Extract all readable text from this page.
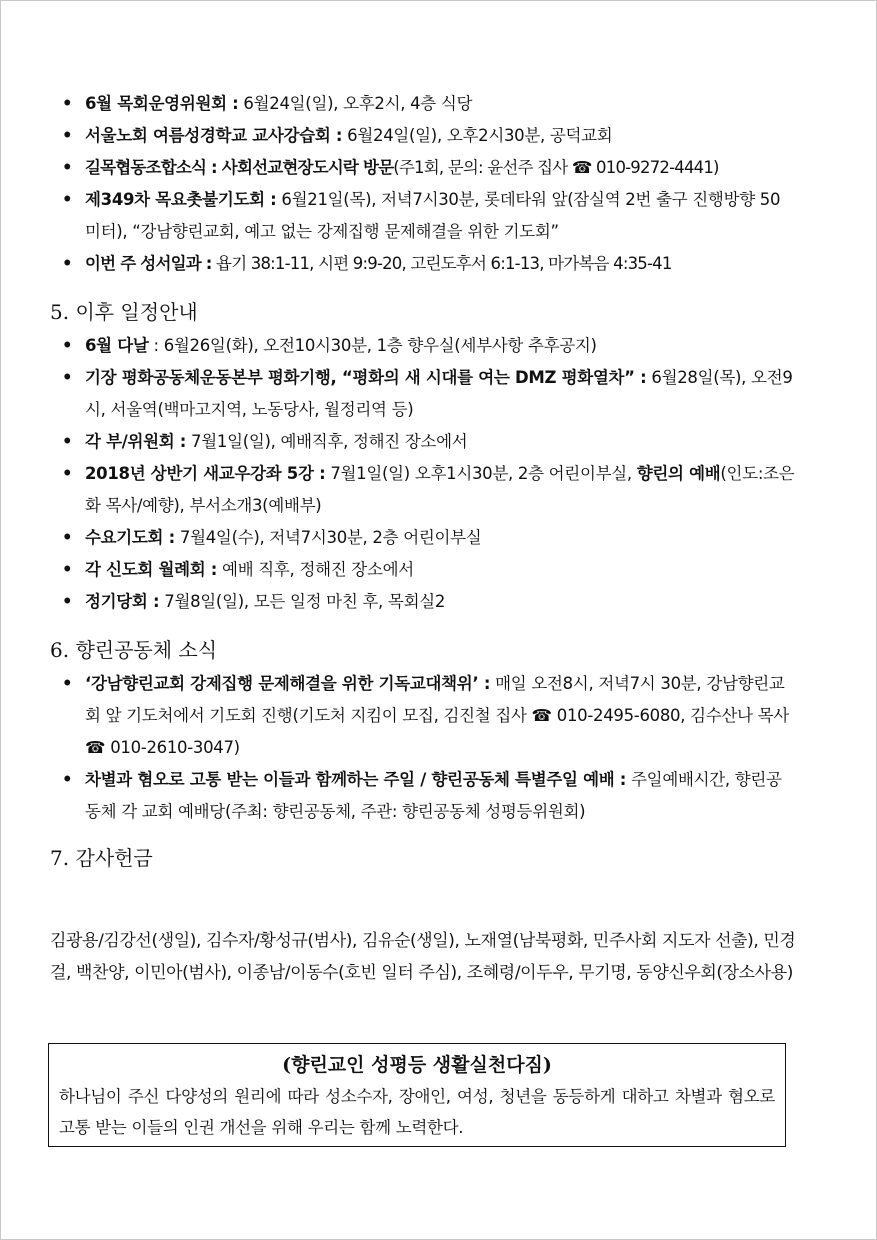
• 6월 목회운영위원회 : 6월24일(일), 오후2시, 4층 식당
• 서울노회 여름성경학교 교사강습회 : 6월24일(일), 오후2시30분, 공덕교회
• 길목협동조합소식 : 사회선교현장도시락 방문(주1회, 문의: 윤선주 집사 ☎ 010-9272-4441)
• 제349차 목요촛불기도회 : 6월21일(목), 저녁7시30분, 롯데타워 앞(잠실역 2번 출구 진행방향 50미터), “강남향린교회, 예고 없는 강제집행 문제해결을 위한 기도회”
• 이번 주 성서일과 : 욥기 38:1-11, 시편 9:9-20, 고린도후서 6:1-13, 마가복음 4:35-41
5. 이후 일정안내
• 6월 다날 : 6월26일(화), 오전10시30분, 1층 향우실(세부사항 추후공지)
• 기장 평화공동체운동본부 평화기행, “평화의 새 시대를 여는 DMZ 평화열차” : 6월28일(목), 오전9시, 서울역(백마고지역, 노동당사, 월정리역 등)
• 각 부/위원회 : 7월1일(일), 예배직후, 정해진 장소에서
• 2018년 상반기 새교우강좌 5강 : 7월1일(일) 오후1시30분, 2층 어린이부실, 향린의 예배(인도:조은화 목사/예향), 부서소개3(예배부)
• 수요기도회 : 7월4일(수), 저녁7시30분, 2층 어린이부실
• 각 신도회 월례회 : 예배 직후, 정해진 장소에서
• 정기당회 : 7월8일(일), 모든 일정 마친 후, 목회실2
6. 향린공동체 소식
• ‘강남향린교회 강제집행 문제해결을 위한 기독교대책위’ : 매일 오전8시, 저녁7시 30분, 강남향린교회 앞 기도처에서 기도회 진행(기도처 지킴이 모집, 김진철 집사 ☎ 010-2495-6080, 김수산나 목사 ☎ 010-2610-3047)
• 차별과 혐오로 고통 받는 이들과 함께하는 주일 / 향린공동체 특별주일 예배 : 주일예배시간, 향린공동체 각 교회 예배당(주최: 향린공동체, 주관: 향린공동체 성평등위원회)
7. 감사헌금

김광용/김강선(생일), 김수자/황성규(범사), 김유순(생일), 노재열(남북평화, 민주사회 지도자 선출), 민경걸, 백찬양, 이민아(범사), 이종남/이동수(호빈 일터 주심), 조혜령/이두우, 무기명, 동양신우회(장소사용)

(향린교인 성평등 생활실천다짐)

하나님이 주신 다양성의 원리에 따라 성소수자, 장애인, 여성, 청년을 동등하게 대하고 차별과 혐오로 고통 받는 이들의 인권 개선을 위해 우리는 함께 노력한다.
